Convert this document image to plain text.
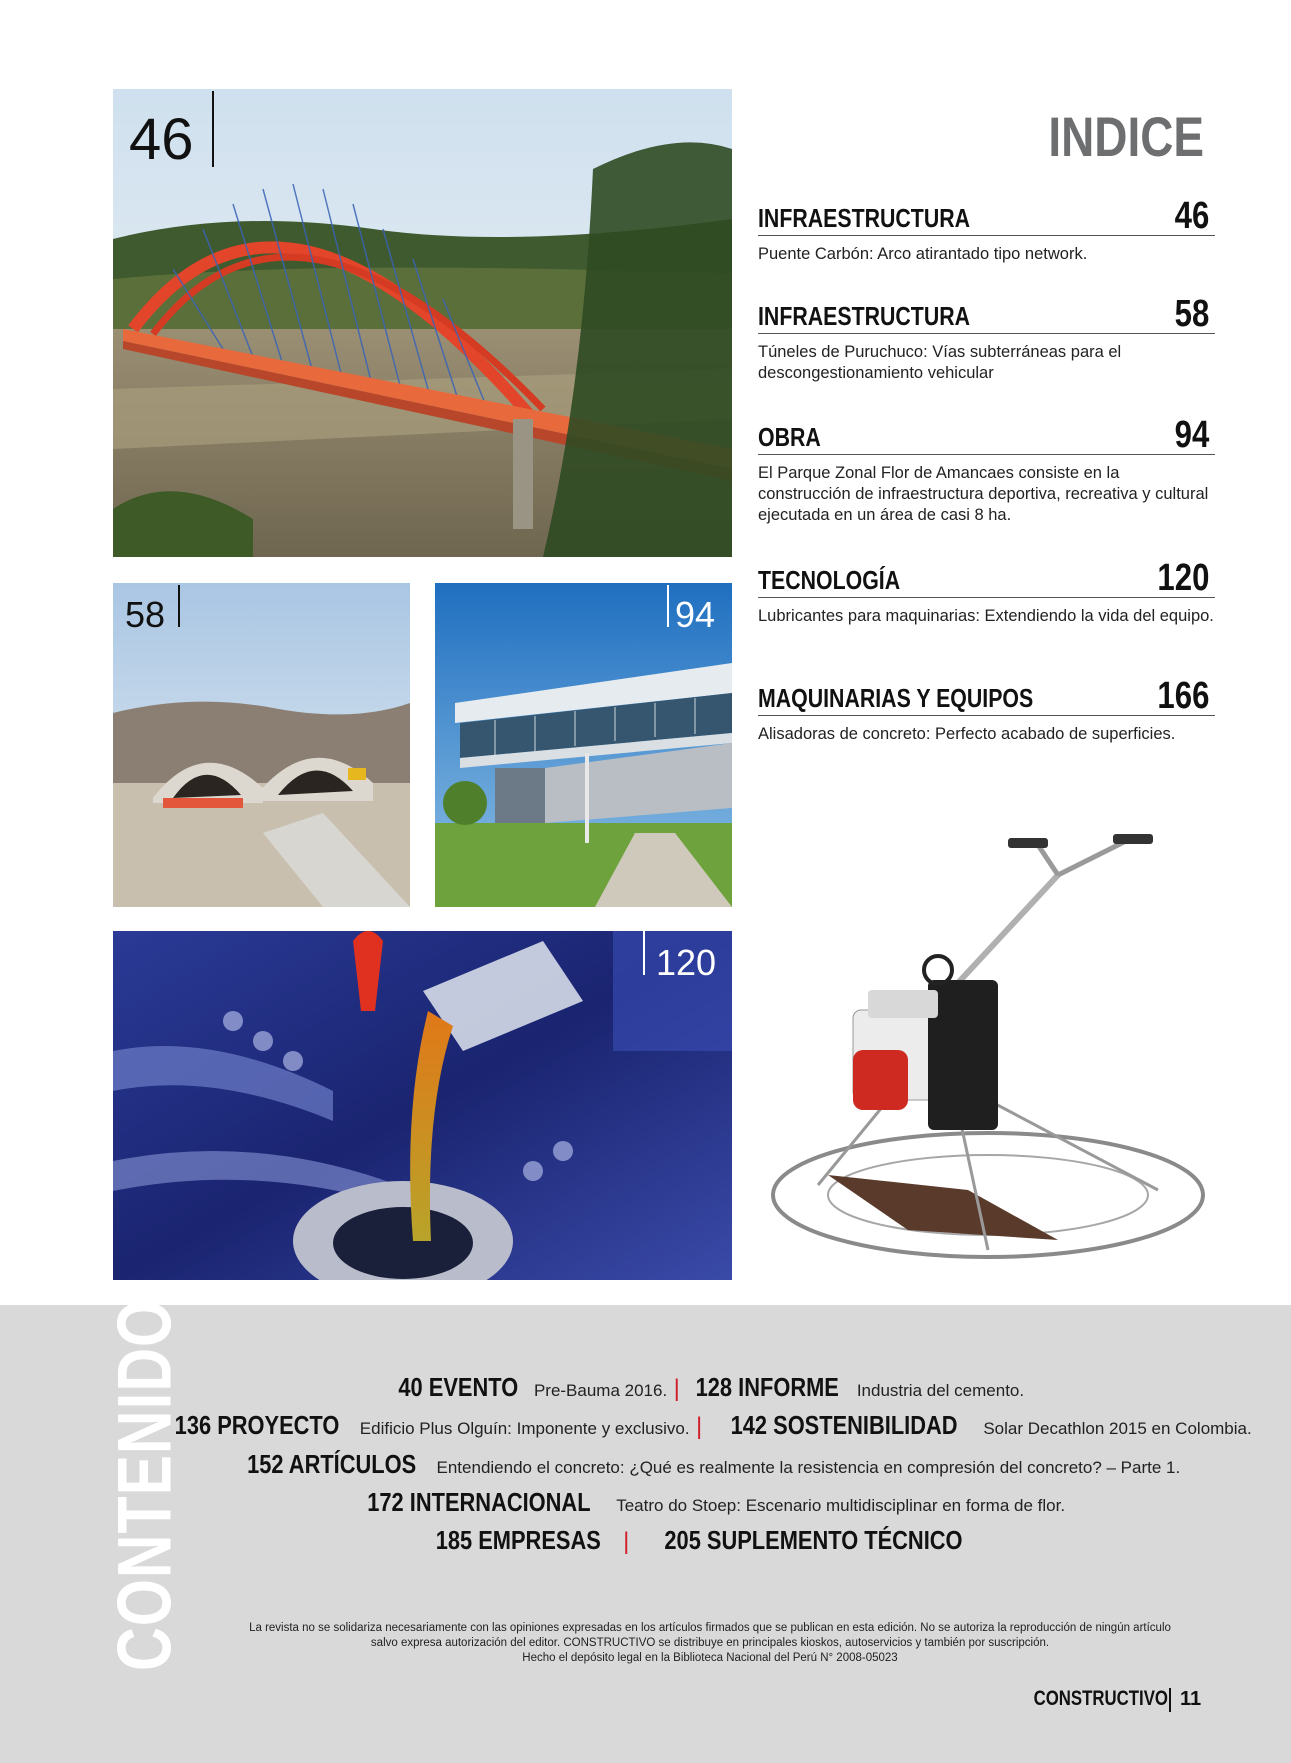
46
58	94
120
INDICE
INFRAESTRUCTURA	46
Puente Carbón: Arco atirantado tipo network.
INFRAESTRUCTURA	58
Túneles de Puruchuco: Vías subterráneas para el descongestionamiento vehicular
OBRA	94
El Parque Zonal Flor de Amancaes consiste en la construcción de infraestructura deportiva, recreativa y cultural ejecutada en un área de casi 8 ha.
TECNOLOGÍA	120
Lubricantes para maquinarias: Extendiendo la vida del equipo.
MAQUINARIAS Y EQUIPOS	166
Alisadoras de concreto: Perfecto acabado de superficies.
CONTENIDO	40 EVENTO Pre-Bauma 2016. | 128 INFORME Industria del cemento.
136 PROYECTO Edificio Plus Olguín: Imponente y exclusivo. | 142 SOSTENIBILIDAD Solar Decathlon 2015 en Colombia.
152 ARTÍCULOS Entendiendo el concreto: ¿Qué es realmente la resistencia en compresión del concreto? – Parte 1.
172 INTERNACIONAL Teatro do Stoep: Escenario multidisciplinar en forma de flor.
185 EMPRESAS | 205 SUPLEMENTO TÉCNICO
La revista no se solidariza necesariamente con las opiniones expresadas en los artículos firmados que se publican en esta edición. No se autoriza la reproducción de ningún artículo
salvo expresa autorización del editor. CONSTRUCTIVO se distribuye en principales kioskos, autoservicios y también por suscripción.
Hecho el depósito legal en la Biblioteca Nacional del Perú N° 2008-05023
CONSTRUCTIVO 11
